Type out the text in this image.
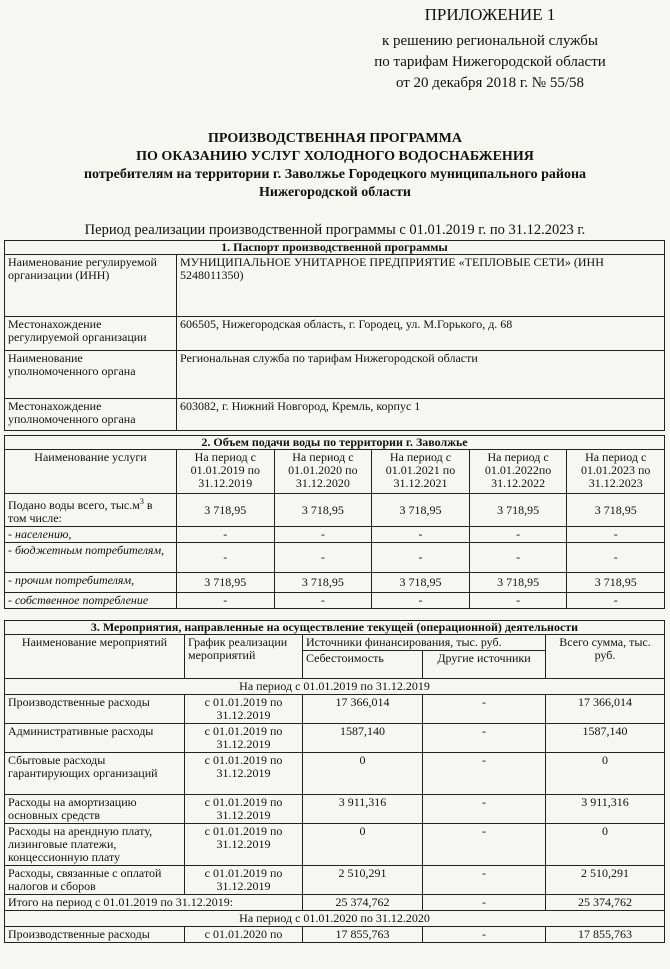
ПРИЛОЖЕНИЕ 1
к решению региональной службы
по тарифам Нижегородской области
от 20 декабря 2018 г. № 55/58
ПРОИЗВОДСТВЕННАЯ ПРОГРАММА
ПО ОКАЗАНИЮ УСЛУГ ХОЛОДНОГО ВОДОСНАБЖЕНИЯ
потребителям на территории г. Заволжье Городецкого муниципального района
Нижегородской области
Период реализации производственной программы с 01.01.2019 г. по 31.12.2023 г.
1. Паспорт производственной программы	
Наименование регулируемой организации (ИНН)	МУНИЦИПАЛЬНОЕ УНИТАРНОЕ ПРЕДПРИЯТИЕ «ТЕПЛОВЫЕ СЕТИ» (ИНН 5248011350)
Местонахождение регулируемой организации	606505, Нижегородская область, г. Городец, ул. М.Горького, д. 68
Наименование уполномоченного органа	Региональная служба по тарифам Нижегородской области
Местонахождение уполномоченного органа	603082, г. Нижний Новгород, Кремль, корпус 1
2. Объем подачи воды по территории г. Заволжье					
Наименование услуги	На период с 01.01.2019 по 31.12.2019	На период с 01.01.2020 по 31.12.2020	На период с 01.01.2021 по 31.12.2021	На период с 01.01.2022по 31.12.2022	На период с 01.01.2023 по 31.12.2023
Подано воды всего, $тыс.м^3$ в том числе:	3 718,95	3 718,95	3 718,95	3 718,95	3 718,95
- населению,	-	-	-	-	-
- бюджетным потребителям,	-	-	-	-	-
- прочим потребителям,	3 718,95	3 718,95	3 718,95	3 718,95	3 718,95
- собственное потребление	-	-	-	-	-
3. Мероприятия, направленные на осуществление текущей (операционной) деятельности				
Наименование мероприятий	График реализации мероприятий	Источники финансирования, тыс. руб.		Всего сумма, тыс. руб.
		Себестоимость	Другие источники	
На период с 01.01.2019 по 31.12.2019				
Производственные расходы	с 01.01.2019 по 31.12.2019	17 366,014	-	17 366,014
Административные расходы	с 01.01.2019 по 31.12.2019	1587,140	-	1587,140
Сбытовые расходы гарантирующих организаций	с 01.01.2019 по 31.12.2019	0	-	0
Расходы на амортизацию основных средств	с 01.01.2019 по 31.12.2019	3 911,316	-	3 911,316
Расходы на арендную плату, лизинговые платежи, концессионную плату	с 01.01.2019 по 31.12.2019	0	-	0
Расходы, связанные с оплатой налогов и сборов	с 01.01.2019 по 31.12.2019	2 510,291	-	2 510,291
Итого на период с 01.01.2019 по 31.12.2019:		25 374,762	-	25 374,762
На период с 01.01.2020 по 31.12.2020				
Производственные расходы	с 01.01.2020 по	17 855,763	-	17 855,763
